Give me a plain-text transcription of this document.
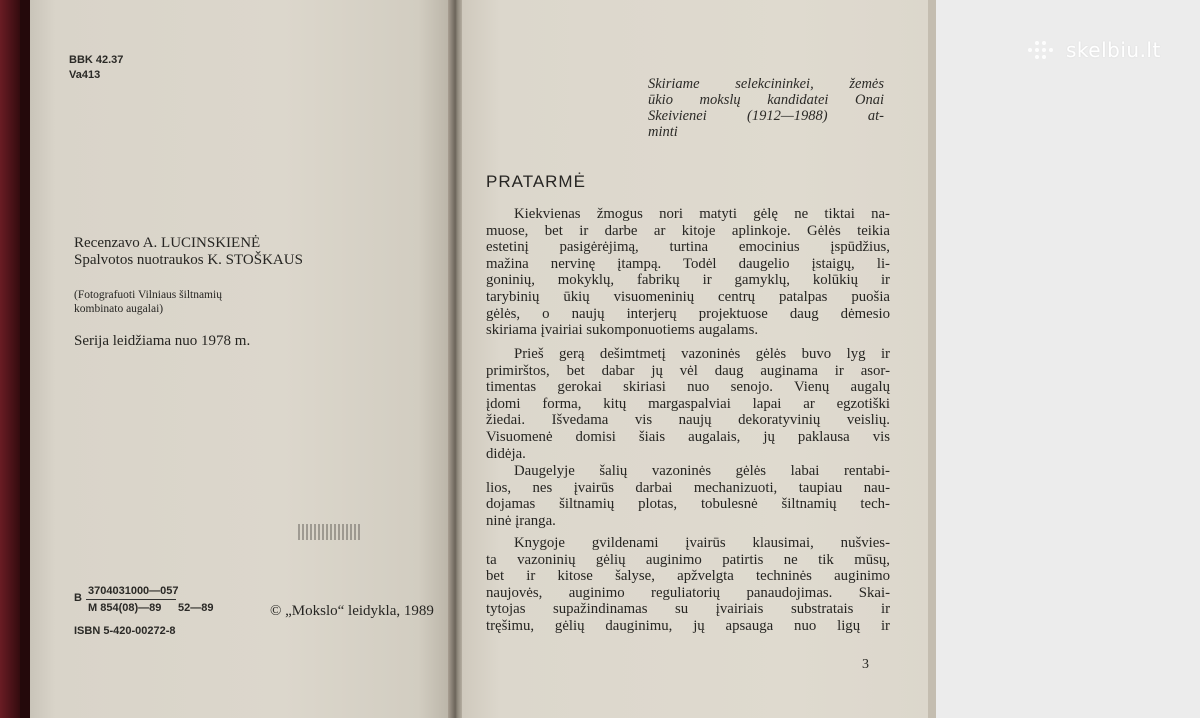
BBK 42.37
Va413
Recenzavo A. LUCINSKIENĖ
Spalvotos nuotraukos K. STOŠKAUS
(Fotografuoti Vilniaus šiltnamių
kombinato augalai)
Serija leidžiama nuo 1978 m.
3704031000—057
B
M 854(08)—89 52—89
ISBN 5-420-00272-8
© „Mokslo“ leidykla, 1989
Skiriame selekcininkei, žemės
ūkio mokslų kandidatei Onai
Skeivienei (1912—1988) at-
minti
PRATARMĖ
Kiekvienas žmogus nori matyti gėlę ne tiktai na-
muose, bet ir darbe ar kitoje aplinkoje. Gėlės teikia
estetinį pasigėrėjimą, turtina emocinius įspūdžius,
mažina nervinę įtampą. Todėl daugelio įstaigų, li-
goninių, mokyklų, fabrikų ir gamyklų, kolūkių ir
tarybinių ūkių visuomeninių centrų patalpas puošia
gėlės, o naujų interjerų projektuose daug dėmesio
skiriama įvairiai sukomponuotiems augalams.
Prieš gerą dešimtmetį vazoninės gėlės buvo lyg ir
primirštos, bet dabar jų vėl daug auginama ir asor-
timentas gerokai skiriasi nuo senojo. Vienų augalų
įdomi forma, kitų margaspalviai lapai ar egzotiški
žiedai. Išvedama vis naujų dekoratyvinių veislių.
Visuomenė domisi šiais augalais, jų paklausa vis
didėja.
Daugelyje šalių vazoninės gėlės labai rentabi-
lios, nes įvairūs darbai mechanizuoti, taupiau nau-
dojamas šiltnamių plotas, tobulesnė šiltnamių tech-
ninė įranga.
Knygoje gvildenami įvairūs klausimai, nušvies-
ta vazoninių gėlių auginimo patirtis ne tik mūsų,
bet ir kitose šalyse, apžvelgta techninės auginimo
naujovės, auginimo reguliatorių panaudojimas. Skai-
tytojas supažindinamas su įvairiais substratais ir
tręšimu, gėlių dauginimu, jų apsauga nuo ligų ir
3
skelbiu.lt
